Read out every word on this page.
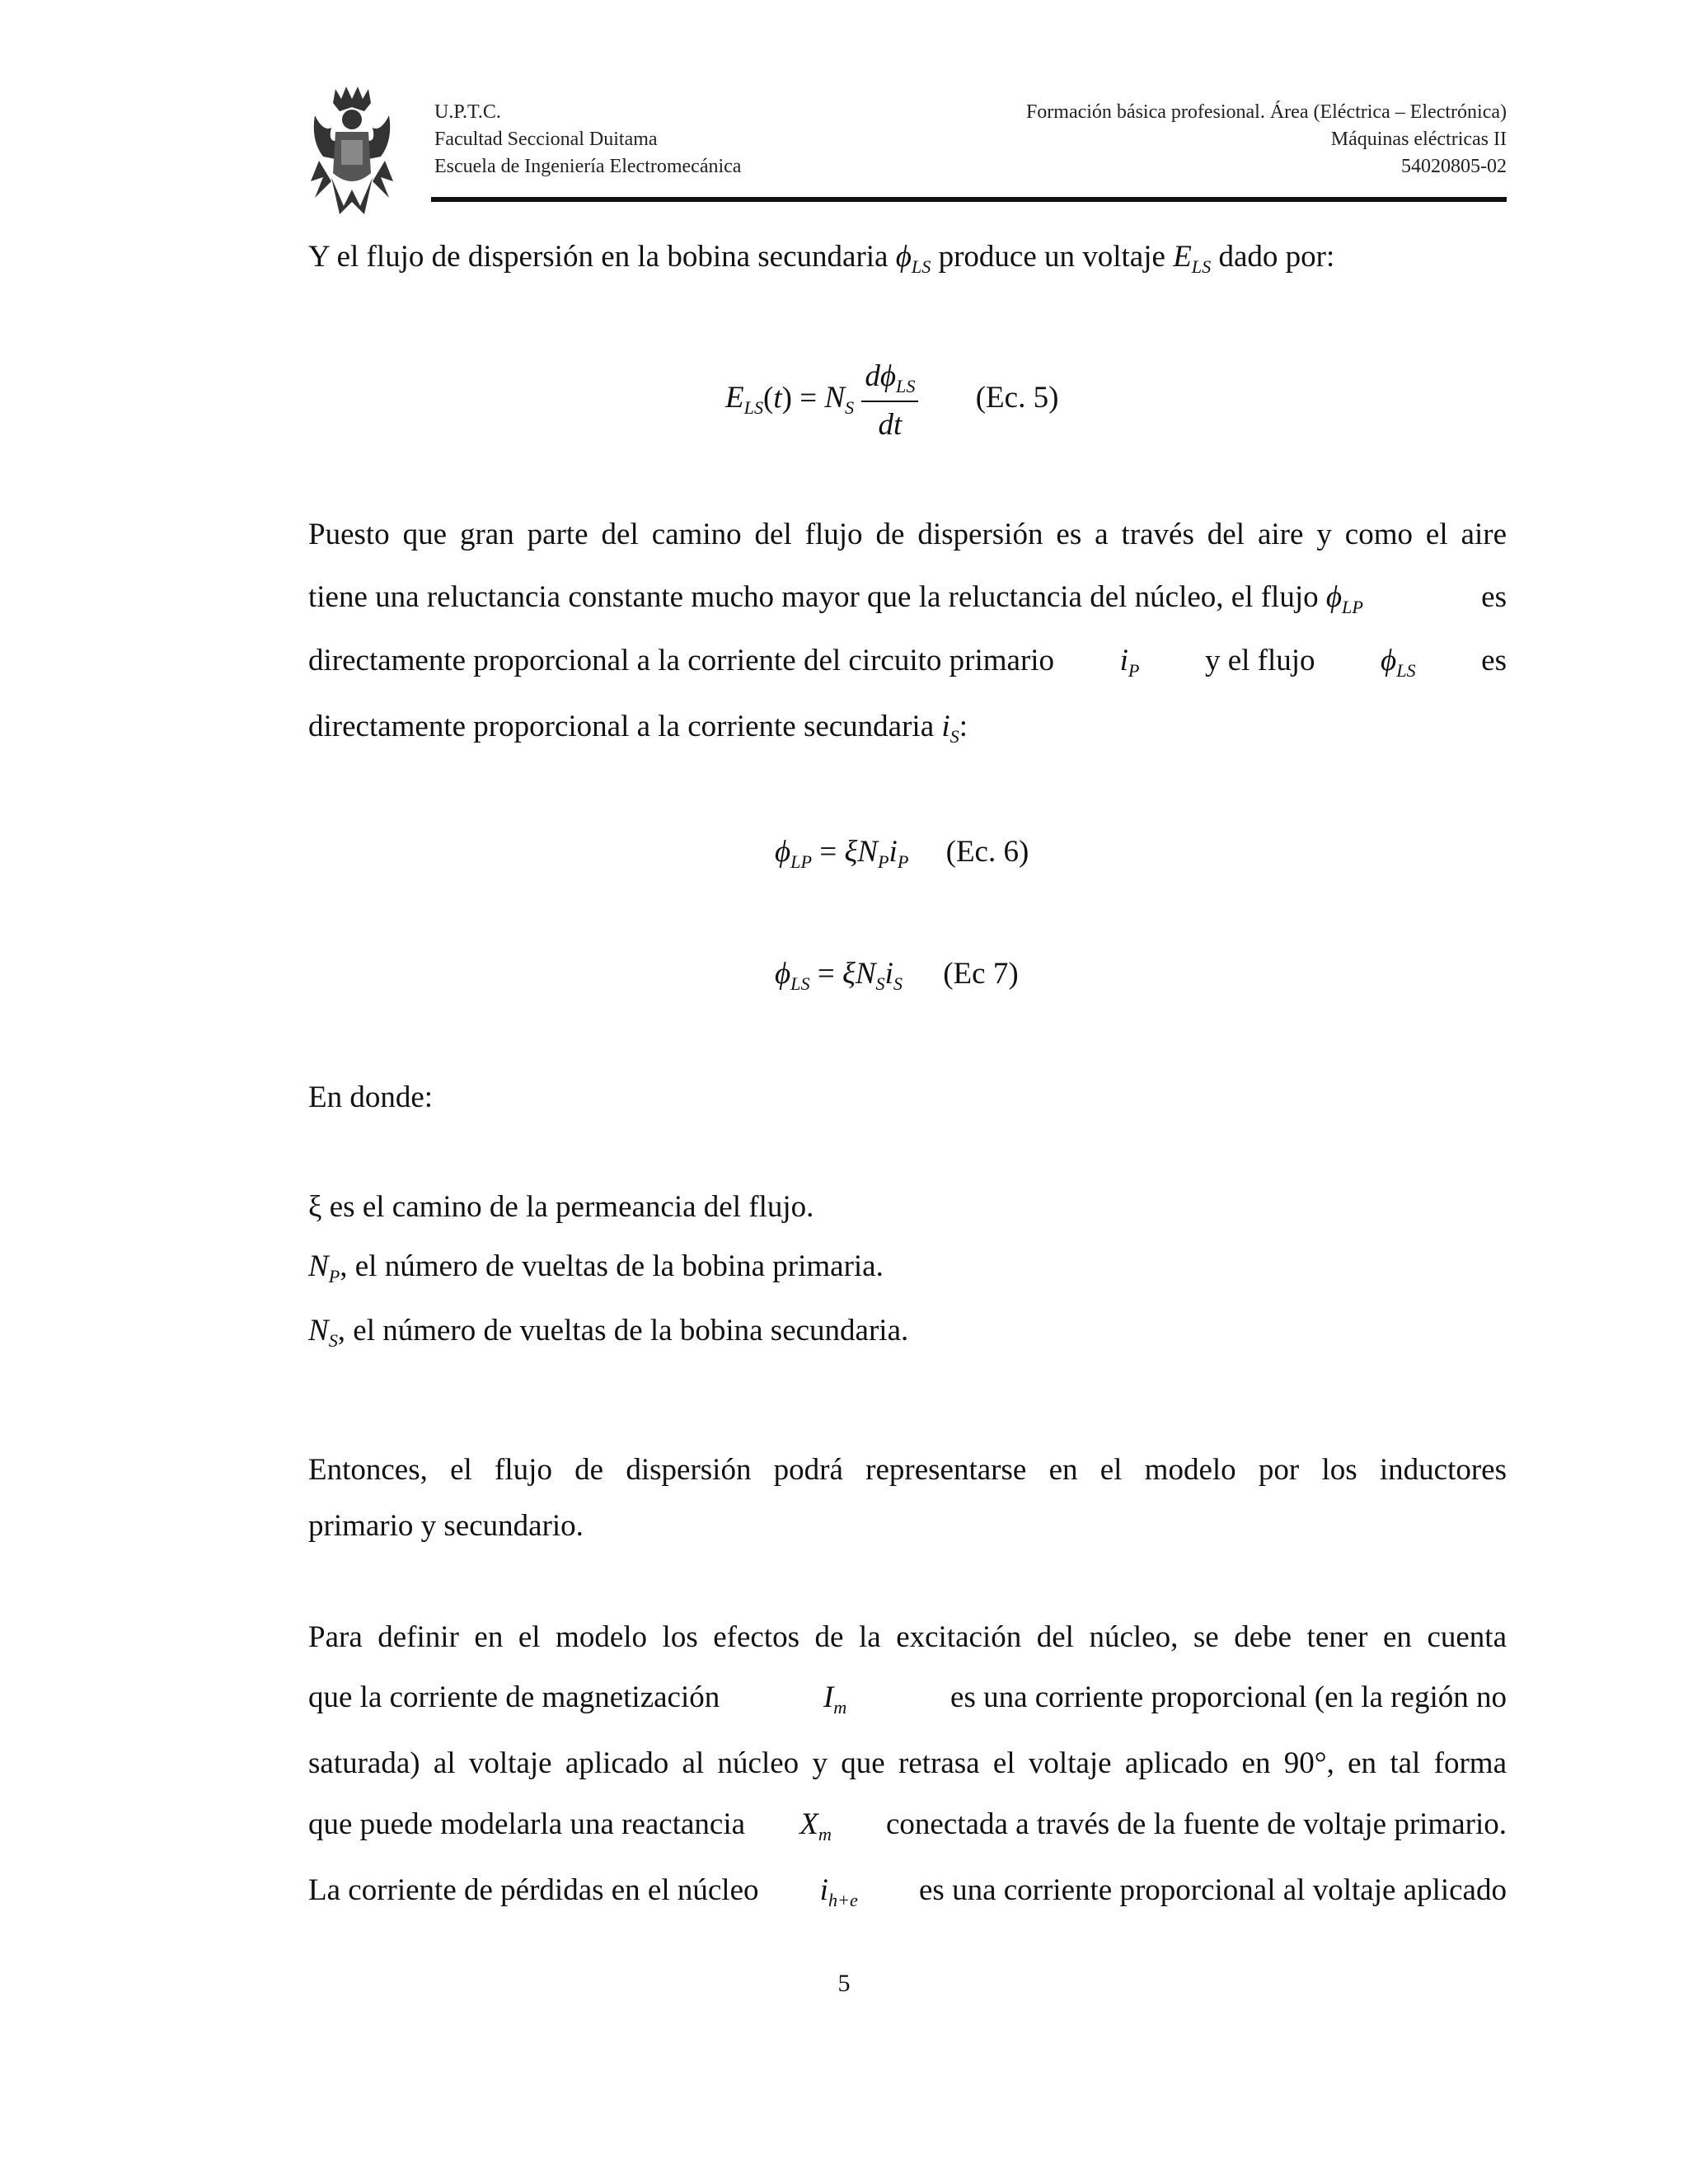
U.P.T.C.
Facultad Seccional Duitama
Escuela de Ingeniería Electromecánica
Formación básica profesional. Área (Eléctrica – Electrónica)
Máquinas eléctricas II
54020805-02
Y el flujo de dispersión en la bobina secundaria $\phi_{LS}$ produce un voltaje $E_{LS}$ dado por:
$E_{LS}(t) = N_S \frac{d\phi_{LS}}{dt} (Ec$. 5)
Puesto que gran parte del camino del flujo de dispersión es a través del aire y como el aire
tiene una reluctancia constante mucho mayor que la reluctancia del núcleo, el flujo $\phi_{LP}$	es
directamente proporcional a la corriente del circuito primario $i_P$ y el flujo $\phi_{LS}$ es
directamente proporcional a la corriente secundaria $i_S$:
$\phi_{LP} = \xi N_Pi_P$ (Ec. 6)
$\phi_{LS} = \xi N_Si_S$ (Ec 7)
En donde:
ξ es el camino de la permeancia del flujo.
$N_P$, el número de vueltas de la bobina primaria.
$N_S$, el número de vueltas de la bobina secundaria.
Entonces, el flujo de dispersión podrá representarse en el modelo por los inductores
primario y secundario.
Para definir en el modelo los efectos de la excitación del núcleo, se debe tener en cuenta
que la corriente de magnetización	$I_m$	es una corriente proporcional (en la región no
saturada) al voltaje aplicado al núcleo y que retrasa el voltaje aplicado en 90°, en tal forma
que puede modelarla una reactancia $X_m$ conectada a través de la fuente de voltaje primario.
La corriente de pérdidas en el núcleo $i_{h+e}$ es una corriente proporcional al voltaje aplicado
5
